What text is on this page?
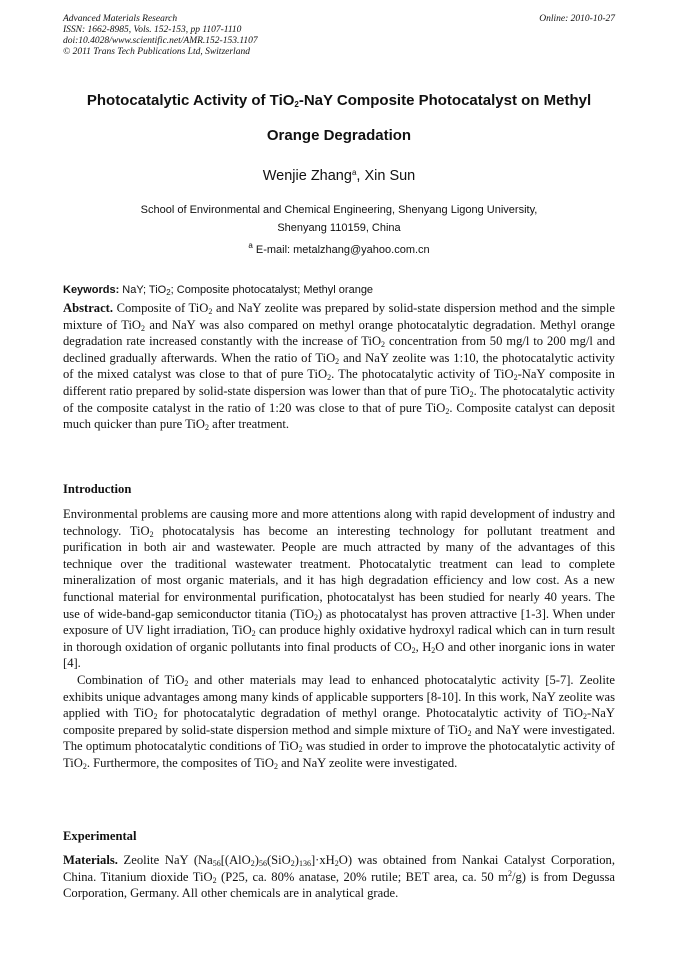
Advanced Materials Research
ISSN: 1662-8985, Vols. 152-153, pp 1107-1110
doi:10.4028/www.scientific.net/AMR.152-153.1107
© 2011 Trans Tech Publications Ltd, Switzerland
Online: 2010-10-27
Photocatalytic Activity of TiO$_2$-NaY Composite Photocatalyst on Methyl
Orange Degradation
Wenjie Zhang$^a$, Xin Sun
School of Environmental and Chemical Engineering, Shenyang Ligong University,
Shenyang 110159, China
$^a$ E-mail: metalzhang@yahoo.com.cn
Keywords: NaY; TiO$_2$; Composite photocatalyst; Methyl orange
Abstract. Composite of TiO$_2$ and NaY zeolite was prepared by solid-state dispersion method and the simple mixture of TiO$_2$ and NaY was also compared on methyl orange photocatalytic degradation. Methyl orange degradation rate increased constantly with the increase of TiO$_2$ concentration from 50 mg/l to 200 mg/l and declined gradually afterwards. When the ratio of TiO$_2$ and NaY zeolite was 1:10, the photocatalytic activity of the mixed catalyst was close to that of pure TiO$_2$. The photocatalytic activity of TiO$_2$-NaY composite in different ratio prepared by solid-state dispersion was lower than that of pure TiO$_2$. The photocatalytic activity of the composite catalyst in the ratio of 1:20 was close to that of pure TiO$_2$. Composite catalyst can deposit much quicker than pure TiO$_2$ after treatment.
Introduction

Environmental problems are causing more and more attentions along with rapid development of industry and technology. TiO$_2$ photocatalysis has become an interesting technology for pollutant treatment and purification in both air and wastewater. People are much attracted by many of the advantages of this technique over the traditional wastewater treatment. Photocatalytic treatment can lead to complete mineralization of most organic materials, and it has high degradation efficiency and low cost. As a new functional material for environmental purification, photocatalyst has been studied for nearly 40 years. The use of wide-band-gap semiconductor titania (TiO$_2$) as photocatalyst has proven attractive [1-3]. When under exposure of UV light irradiation, TiO$_2$ can produce highly oxidative hydroxyl radical which can in turn result in thorough oxidation of organic pollutants into final products of $CO_2$, $H_2O$ and other inorganic ions in water [4].

Combination of TiO$_2$ and other materials may lead to enhanced photocatalytic activity [5-7]. Zeolite exhibits unique advantages among many kinds of applicable supporters [8-10]. In this work, NaY zeolite was applied with TiO$_2$ for photocatalytic degradation of methyl orange. Photocatalytic activity of TiO$_2$-NaY composite prepared by solid-state dispersion method and simple mixture of TiO$_2$ and NaY were investigated. The optimum photocatalytic conditions of TiO$_2$ was studied in order to improve the photocatalytic activity of TiO$_2$. Furthermore, the composites of TiO$_2$ and NaY zeolite were investigated.

Experimental
Materials. Zeolite NaY $(Na_{56}[(AlO_2)_{56}(SiO_2)_{136}]\cdot xH_2O)$ was obtained from Nankai Catalyst Corporation, China. Titanium dioxide TiO$_2$ (P25, ca. 80% anatase, 20% rutile; BET area, ca. 50 $m^2/g$) is from Degussa Corporation, Germany. All other chemicals are in analytical grade.
